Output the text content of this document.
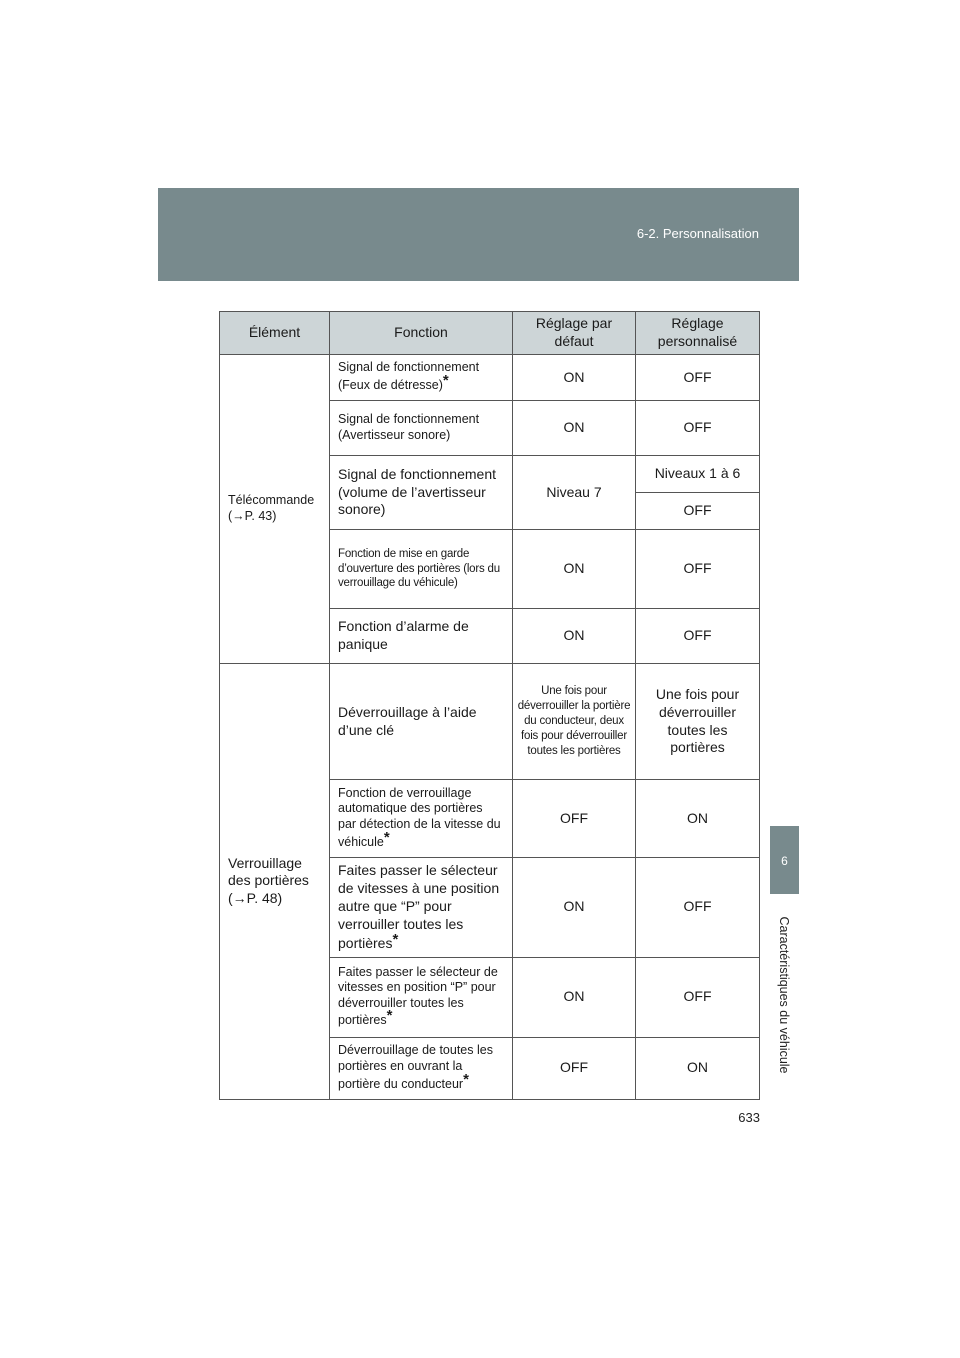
6-2. Personnalisation
6
Caractéristiques du véhicule
Élément	Fonction	Réglage par défaut	Réglage personnalisé
Télécommande
(→P. 43)	Signal de fonctionnement (Feux de détresse)*	ON	OFF
	Signal de fonctionnement (Avertisseur sonore)	ON	OFF
	Signal de fonctionnement (volume de l’avertisseur sonore)	Niveau 7	Niveaux 1 à 6
			OFF
	Fonction de mise en garde d’ouverture des portières (lors du verrouillage du véhicule)	ON	OFF
	Fonction d’alarme de panique	ON	OFF
Verrouillage des portières
(→P. 48)	Déverrouillage à l’aide d’une clé	Une fois pour déverrouiller la portière du conducteur, deux fois pour déverrouiller toutes les portières	Une fois pour déverrouiller toutes les portières
	Fonction de verrouillage automatique des portières par détection de la vitesse du véhicule*	OFF	ON
	Faites passer le sélecteur de vitesses à une position autre que “P” pour verrouiller toutes les portières*	ON	OFF
	Faites passer le sélecteur de vitesses en position “P” pour déverrouiller toutes les portières*	ON	OFF
	Déverrouillage de toutes les portières en ouvrant la portière du conducteur*	OFF	ON
633
